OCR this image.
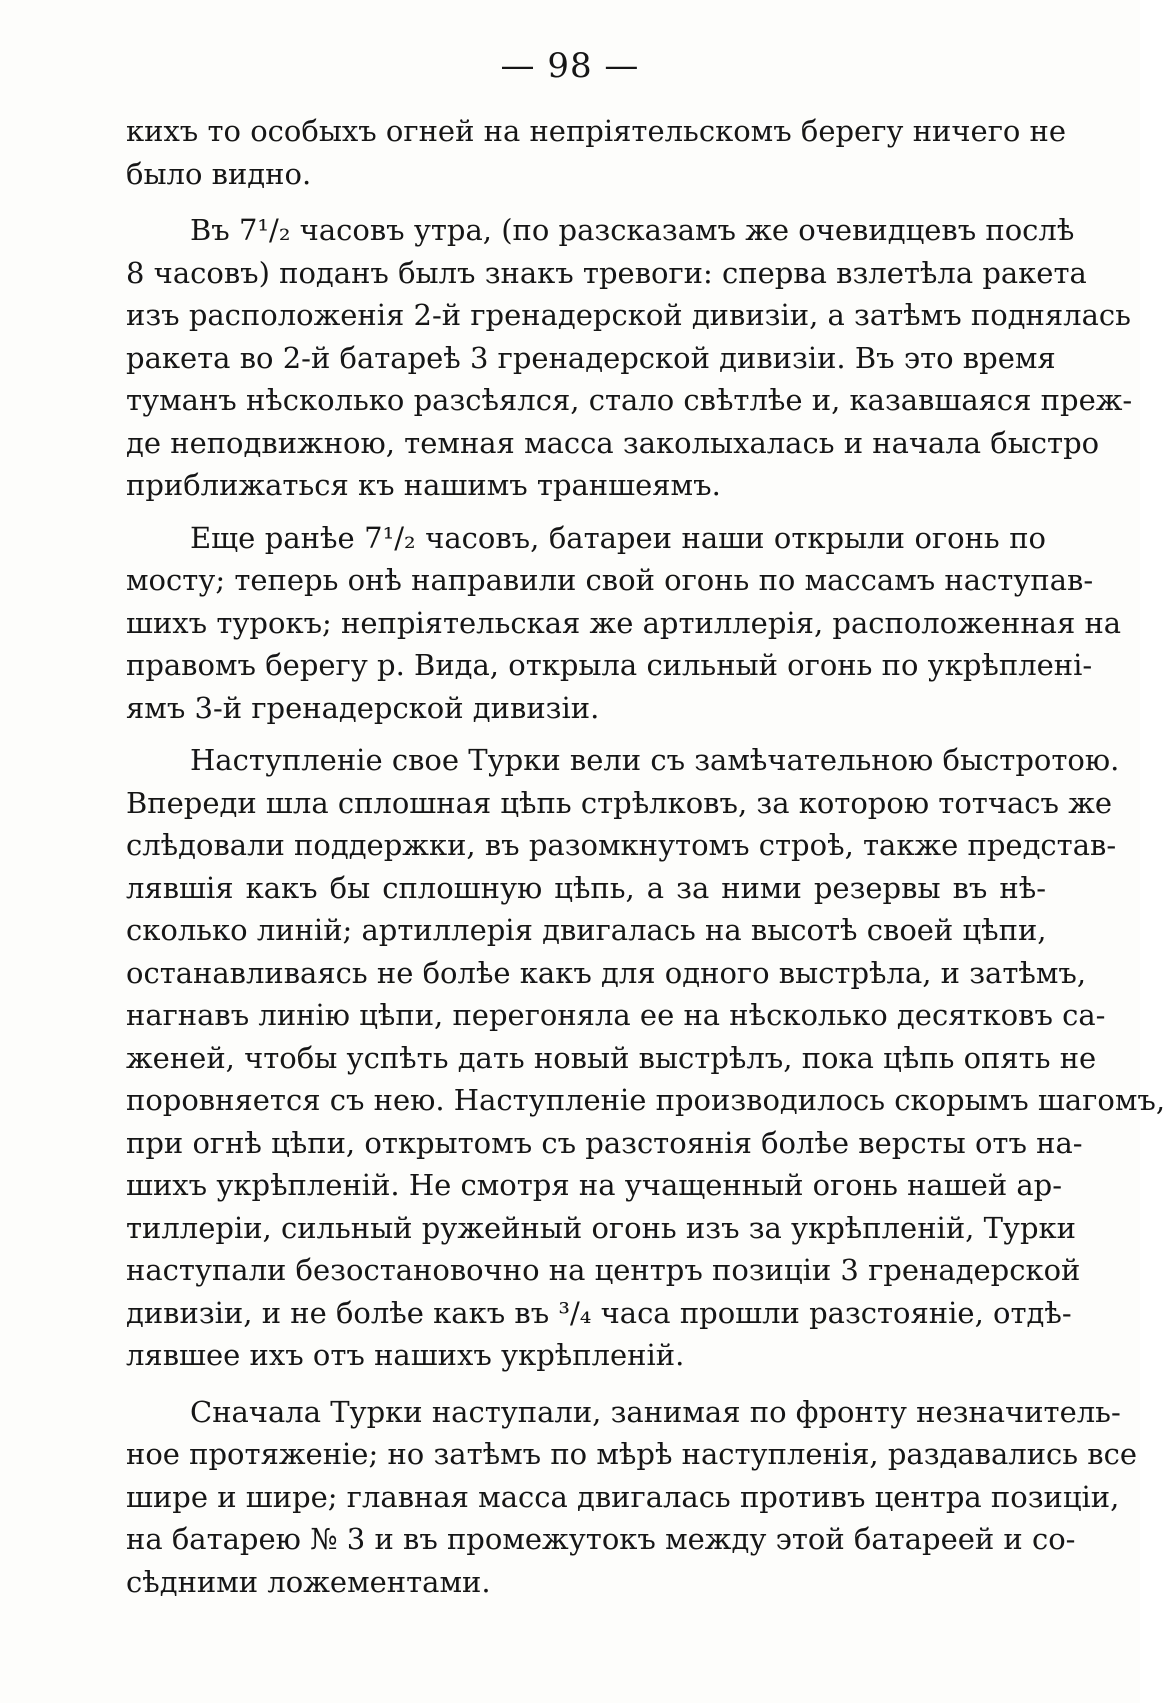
— 98 —
кихъ то особыхъ огней на непріятельскомъ берегу ничего не
было видно.
Въ 7¹/₂ часовъ утра, (по разсказамъ же очевидцевъ послѣ
8 часовъ) поданъ былъ знакъ тревоги: сперва взлетѣла ракета
изъ расположенія 2-й гренадерской дивизіи, а затѣмъ поднялась
ракета во 2-й батареѣ 3 гренадерской дивизіи. Въ это время
туманъ нѣсколько разсѣялся, стало свѣтлѣе и, казавшаяся преж-
де неподвижною, темная масса заколыхалась и начала быстро
приближаться къ нашимъ траншеямъ.
Еще ранѣе 7¹/₂ часовъ, батареи наши открыли огонь по
мосту; теперь онѣ направили свой огонь по массамъ наступав-
шихъ турокъ; непріятельская же артиллерія, расположенная на
правомъ берегу р. Вида, открыла сильный огонь по укрѣплені-
ямъ 3-й гренадерской дивизіи.
Наступленіе свое Турки вели съ замѣчательною быстротою.
Впереди шла сплошная цѣпь стрѣлковъ, за которою тотчасъ же
слѣдовали поддержки, въ разомкнутомъ строѣ, также представ-
лявшія какъ бы сплошную цѣпь, а за ними резервы въ нѣ-
сколько линій; артиллерія двигалась на высотѣ своей цѣпи,
останавливаясь не болѣе какъ для одного выстрѣла, и затѣмъ,
нагнавъ линію цѣпи, перегоняла ее на нѣсколько десятковъ са-
женей, чтобы успѣть дать новый выстрѣлъ, пока цѣпь опять не
поровняется съ нею. Наступленіе производилось скорымъ шагомъ,
при огнѣ цѣпи, открытомъ съ разстоянія болѣе версты отъ на-
шихъ укрѣпленій. Не смотря на учащенный огонь нашей ар-
тиллеріи, сильный ружейный огонь изъ за укрѣпленій, Турки
наступали безостановочно на центръ позиціи 3 гренадерской
дивизіи, и не болѣе какъ въ ³/₄ часа прошли разстояніе, отдѣ-
лявшее ихъ отъ нашихъ укрѣпленій.
Сначала Турки наступали, занимая по фронту незначитель-
ное протяженіе; но затѣмъ по мѣрѣ наступленія, раздавались все
шире и шире; главная масса двигалась противъ центра позиціи,
на батарею № 3 и въ промежутокъ между этой батареей и со-
сѣдними ложементами.
